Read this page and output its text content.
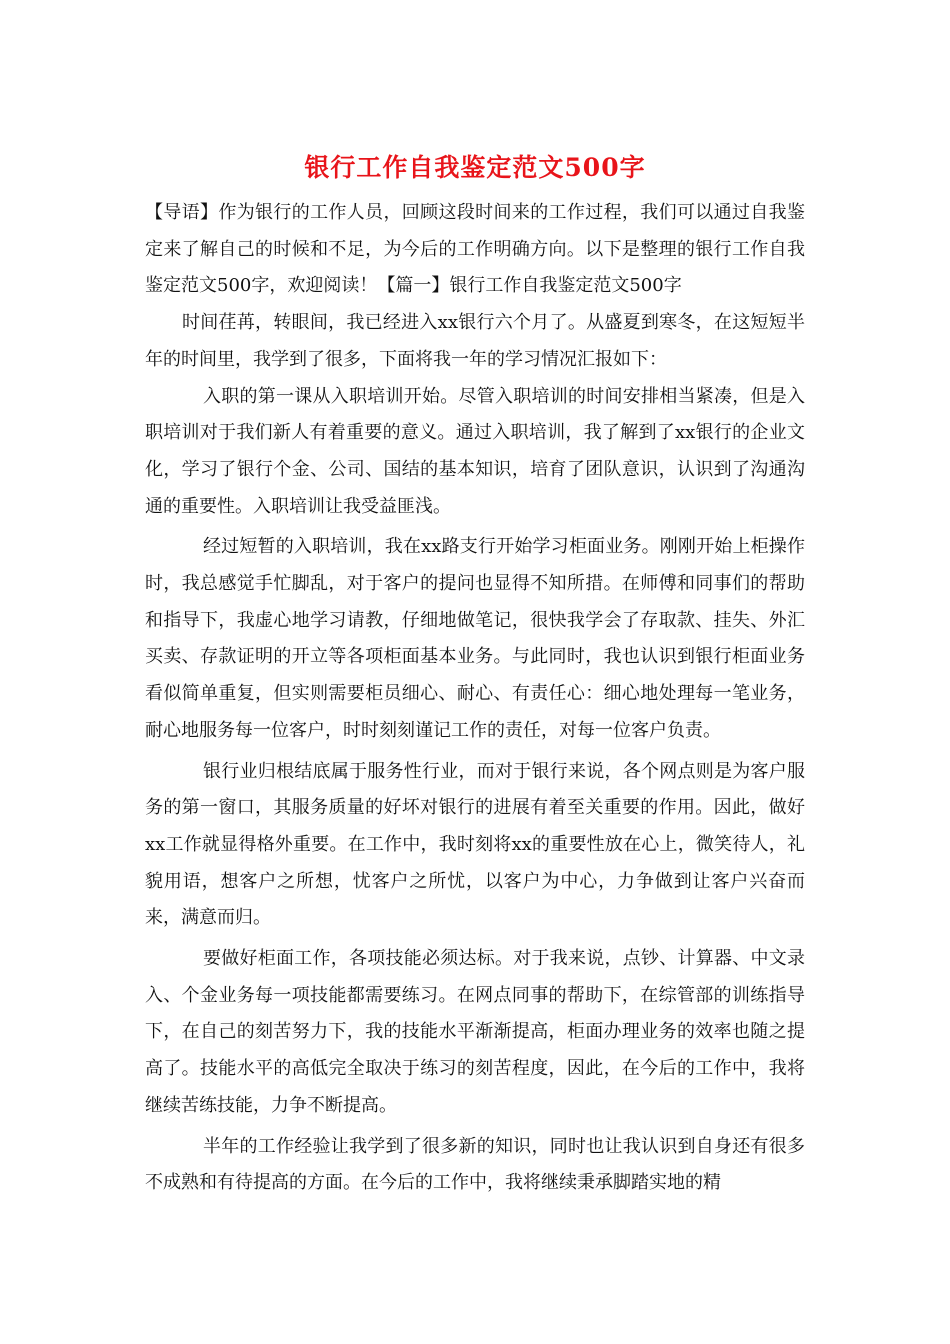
银行工作自我鉴定范文500字

【导语】作为银行的工作人员，回顾这段时间来的工作过程，我们可以通过自我鉴定来了解自己的时候和不足，为今后的工作明确方向。以下是整理的银行工作自我鉴定范文500字，欢迎阅读！【篇一】银行工作自我鉴定范文500字

时间荏苒，转眼间，我已经进入xx银行六个月了。从盛夏到寒冬，在这短短半年的时间里，我学到了很多，下面将我一年的学习情况汇报如下：

入职的第一课从入职培训开始。尽管入职培训的时间安排相当紧凑，但是入职培训对于我们新人有着重要的意义。通过入职培训，我了解到了xx银行的企业文化，学习了银行个金、公司、国结的基本知识，培育了团队意识，认识到了沟通沟通的重要性。入职培训让我受益匪浅。

经过短暂的入职培训，我在xx路支行开始学习柜面业务。刚刚开始上柜操作时，我总感觉手忙脚乱，对于客户的提问也显得不知所措。在师傅和同事们的帮助和指导下，我虚心地学习请教，仔细地做笔记，很快我学会了存取款、挂失、外汇买卖、存款证明的开立等各项柜面基本业务。与此同时，我也认识到银行柜面业务看似简单重复，但实则需要柜员细心、耐心、有责任心：细心地处理每一笔业务，耐心地服务每一位客户，时时刻刻谨记工作的责任，对每一位客户负责。

银行业归根结底属于服务性行业，而对于银行来说，各个网点则是为客户服务的第一窗口，其服务质量的好坏对银行的进展有着至关重要的作用。因此，做好xx工作就显得格外重要。在工作中，我时刻将xx的重要性放在心上，微笑待人，礼貌用语，想客户之所想，忧客户之所忧，以客户为中心，力争做到让客户兴奋而来，满意而归。

要做好柜面工作，各项技能必须达标。对于我来说，点钞、计算器、中文录入、个金业务每一项技能都需要练习。在网点同事的帮助下，在综管部的训练指导下，在自己的刻苦努力下，我的技能水平渐渐提高，柜面办理业务的效率也随之提高了。技能水平的高低完全取决于练习的刻苦程度，因此，在今后的工作中，我将继续苦练技能，力争不断提高。

半年的工作经验让我学到了很多新的知识，同时也让我认识到自身还有很多不成熟和有待提高的方面。在今后的工作中，我将继续秉承脚踏实地的精
